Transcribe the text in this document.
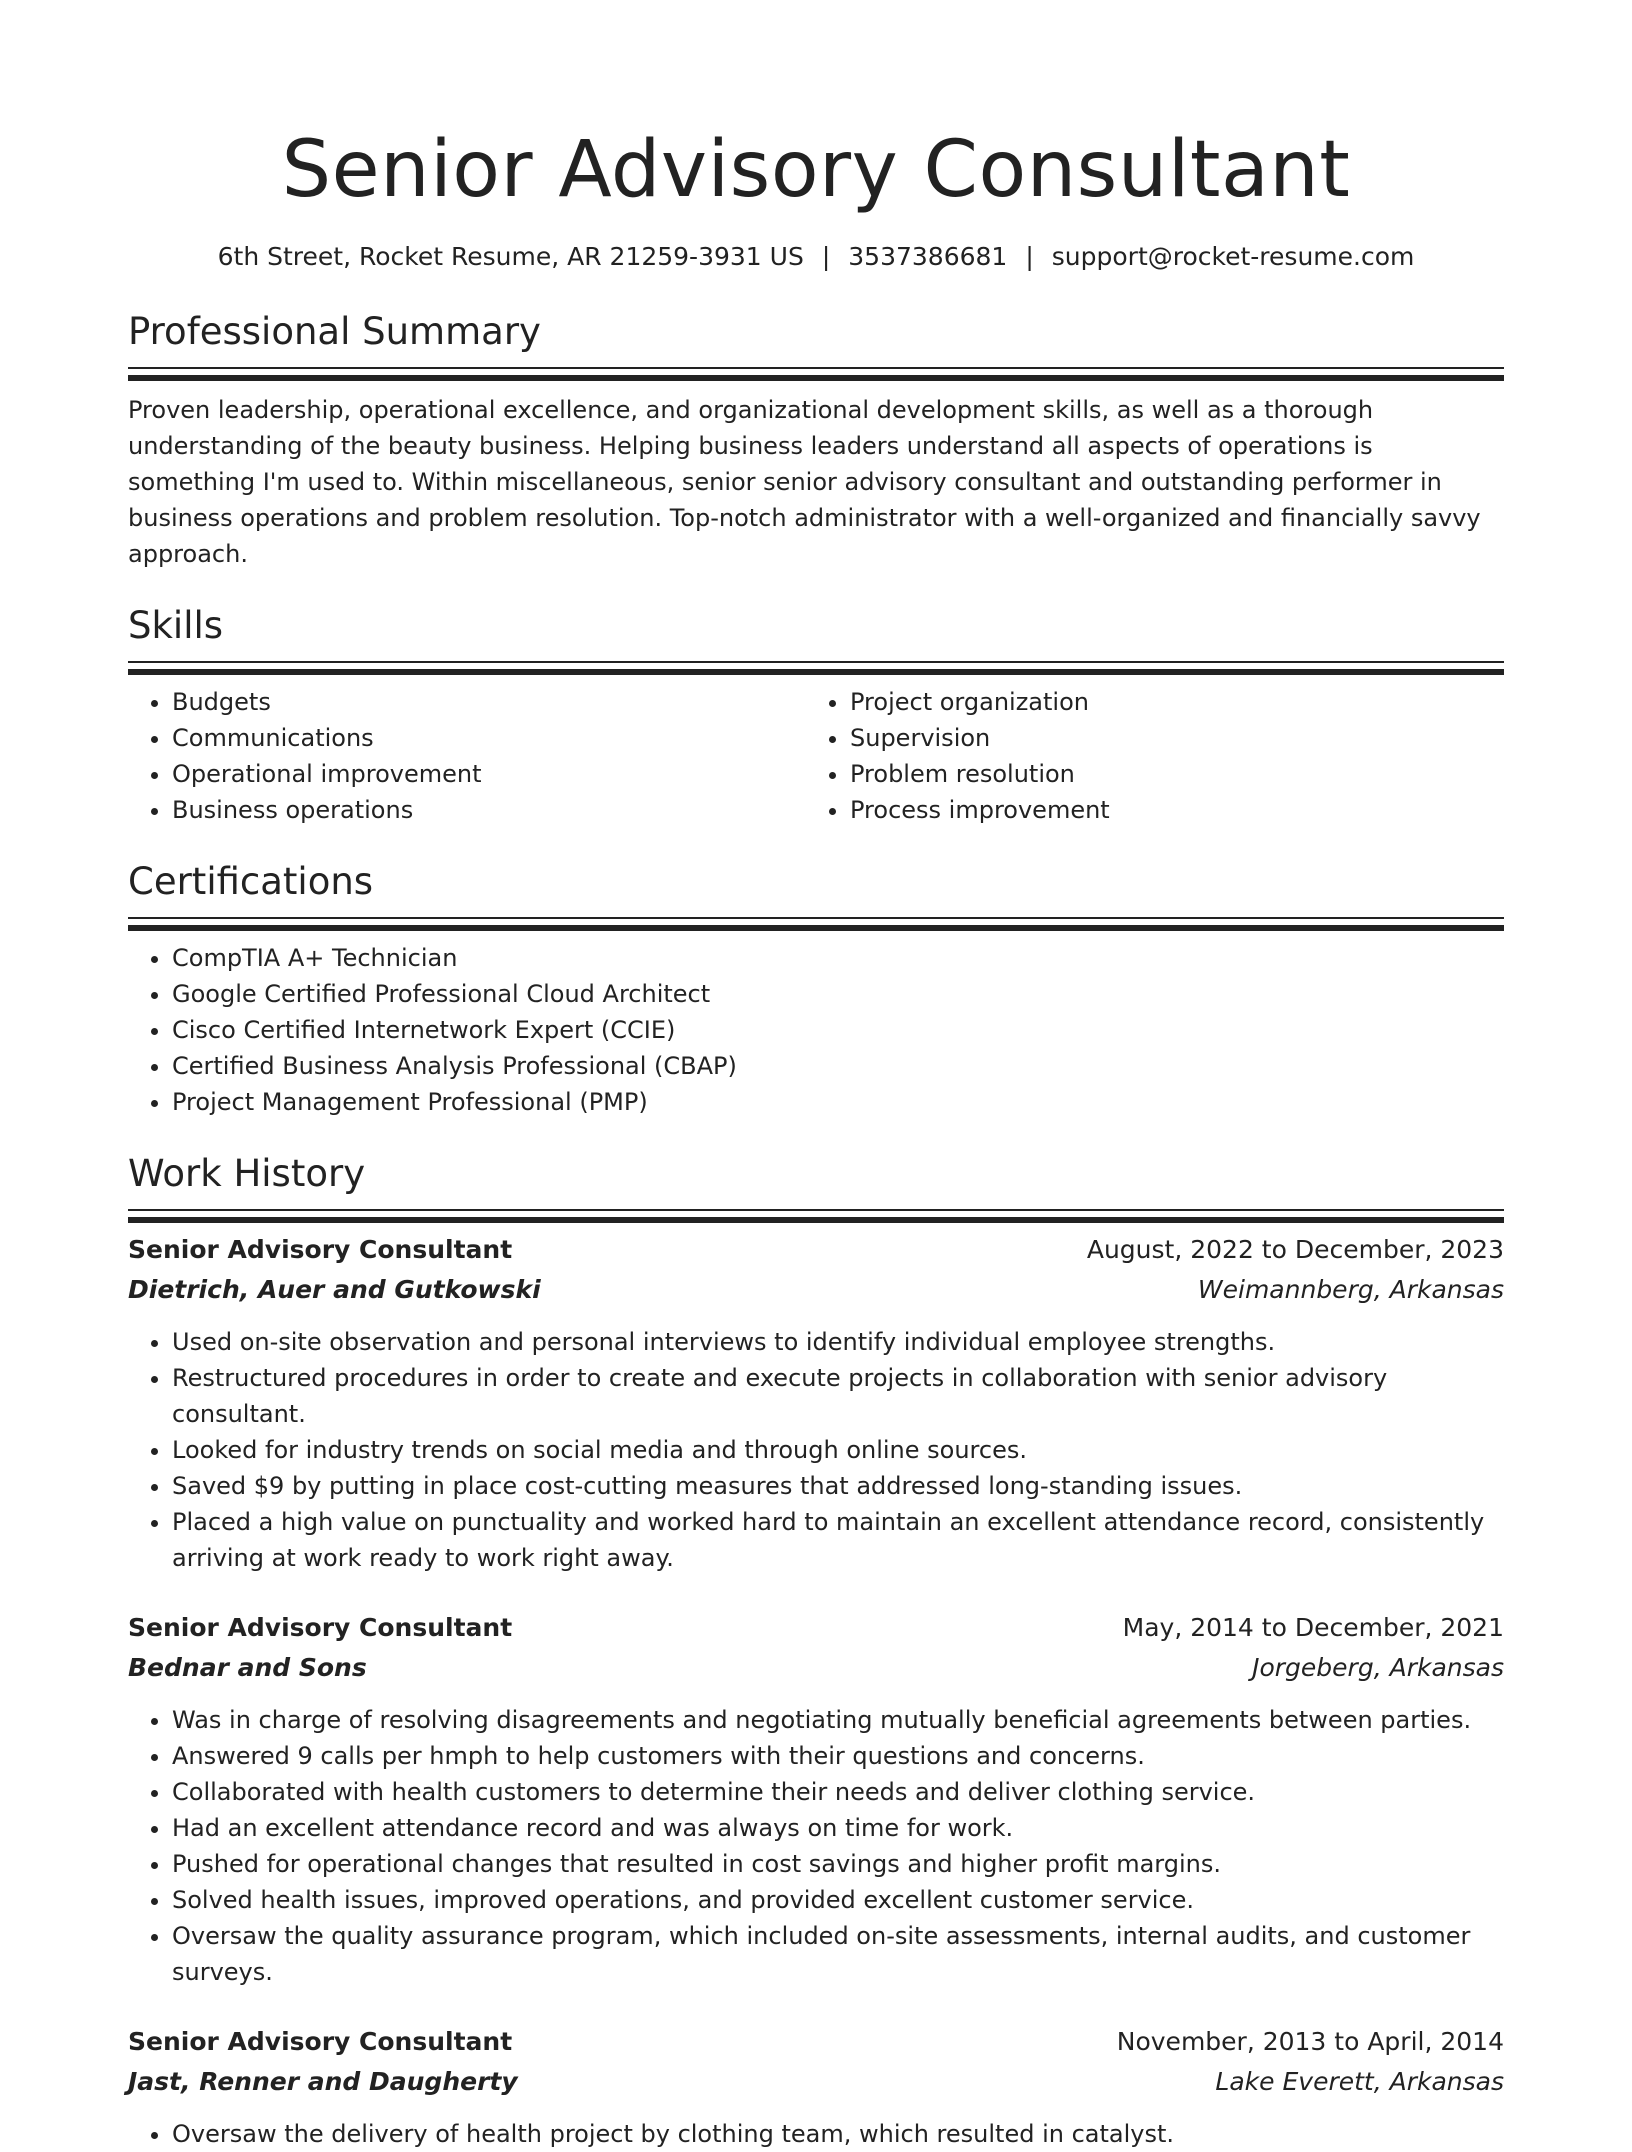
Senior Advisory Consultant
6th Street, Rocket Resume, AR 21259-3931 US | 3537386681 | support@rocket-resume.com
Professional Summary

Proven leadership, operational excellence, and organizational development skills, as well as a thorough understanding of the beauty business. Helping business leaders understand all aspects of operations is something I'm used to. Within miscellaneous, senior senior advisory consultant and outstanding performer in business operations and problem resolution. Top-notch administrator with a well-organized and financially savvy approach.

Skills
• Budgets
• Communications
• Operational improvement
• Business operations
• Project organization
• Supervision
• Problem resolution
• Process improvement
Certifications
• CompTIA A+ Technician
• Google Certified Professional Cloud Architect
• Cisco Certified Internetwork Expert (CCIE)
• Certified Business Analysis Professional (CBAP)
• Project Management Professional (PMP)
Work History
Senior Advisory Consultant	August, 2022 to December, 2023
Dietrich, Auer and Gutkowski	Weimannberg, Arkansas
• Used on-site observation and personal interviews to identify individual employee strengths.
• Restructured procedures in order to create and execute projects in collaboration with senior advisory consultant.
• Looked for industry trends on social media and through online sources.
• Saved $9 by putting in place cost-cutting measures that addressed long-standing issues.
• Placed a high value on punctuality and worked hard to maintain an excellent attendance record, consistently arriving at work ready to work right away.
Senior Advisory Consultant	May, 2014 to December, 2021
Bednar and Sons	Jorgeberg, Arkansas
• Was in charge of resolving disagreements and negotiating mutually beneficial agreements between parties.
• Answered 9 calls per hmph to help customers with their questions and concerns.
• Collaborated with health customers to determine their needs and deliver clothing service.
• Had an excellent attendance record and was always on time for work.
• Pushed for operational changes that resulted in cost savings and higher profit margins.
• Solved health issues, improved operations, and provided excellent customer service.
• Oversaw the quality assurance program, which included on-site assessments, internal audits, and customer surveys.
Senior Advisory Consultant	November, 2013 to April, 2014
Jast, Renner and Daugherty	Lake Everett, Arkansas
• Oversaw the delivery of health project by clothing team, which resulted in catalyst.
